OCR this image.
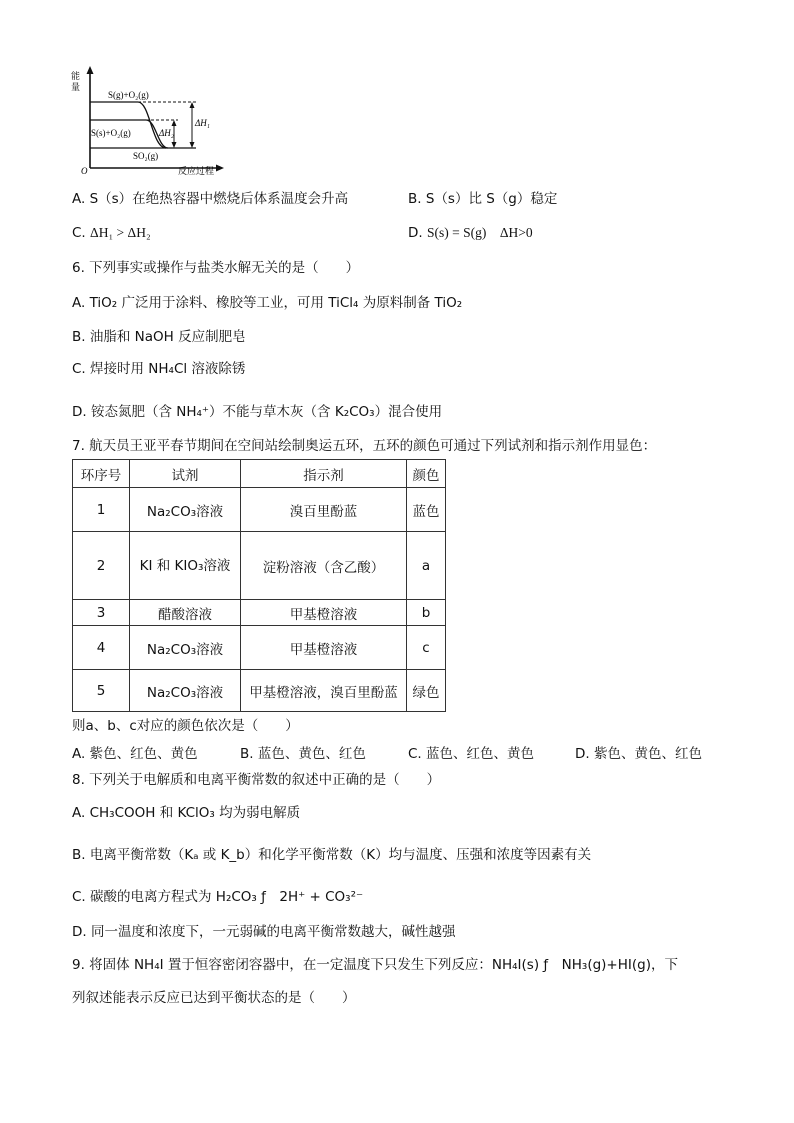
O
S(g)+O₂(g)
S(s)+O₂(g)
SO₂(g)
ΔH₁
ΔH₂
反应过程
能量
A. S（s）在绝热容器中燃烧后体系温度会升高	B. S（s）比 S（g）稳定
C. ΔH₁ > ΔH₂	D. S(s) = S(g)　ΔH>0
6. 下列事实或操作与盐类水解无关的是（　　）
A. TiO₂ 广泛用于涂料、橡胶等工业，可用 TiCl₄ 为原料制备 TiO₂
B. 油脂和 NaOH 反应制肥皂
C. 焊接时用 NH₄Cl 溶液除锈
D. 铵态氮肥（含 NH₄⁺）不能与草木灰（含 K₂CO₃）混合使用
7. 航天员王亚平春节期间在空间站绘制奥运五环，五环的颜色可通过下列试剂和指示剂作用显色：
环序号	试剂	指示剂	颜色
1	Na₂CO₃溶液	溴百里酚蓝	蓝色
2	KI 和 KIO₃溶液	淀粉溶液（含乙酸）	a
3	醋酸溶液	甲基橙溶液	b
4	Na₂CO₃溶液	甲基橙溶液	c
5	Na₂CO₃溶液	甲基橙溶液，溴百里酚蓝	绿色
则a、b、c对应的颜色依次是（　　）
A. 紫色、红色、黄色	B. 蓝色、黄色、红色	C. 蓝色、红色、黄色	D. 紫色、黄色、红色
8. 下列关于电解质和电离平衡常数的叙述中正确的是（　　）
A. CH₃COOH 和 KClO₃ 均为弱电解质
B. 电离平衡常数（Kₐ 或 K_b）和化学平衡常数（K）均与温度、压强和浓度等因素有关
C. 碳酸的电离方程式为 H₂CO₃ ƒ　2H⁺ + CO₃²⁻
D. 同一温度和浓度下，一元弱碱的电离平衡常数越大，碱性越强
9. 将固体 NH₄I 置于恒容密闭容器中，在一定温度下只发生下列反应：NH₄I(s) ƒ　NH₃(g)+HI(g)，下
列叙述能表示反应已达到平衡状态的是（　　）
